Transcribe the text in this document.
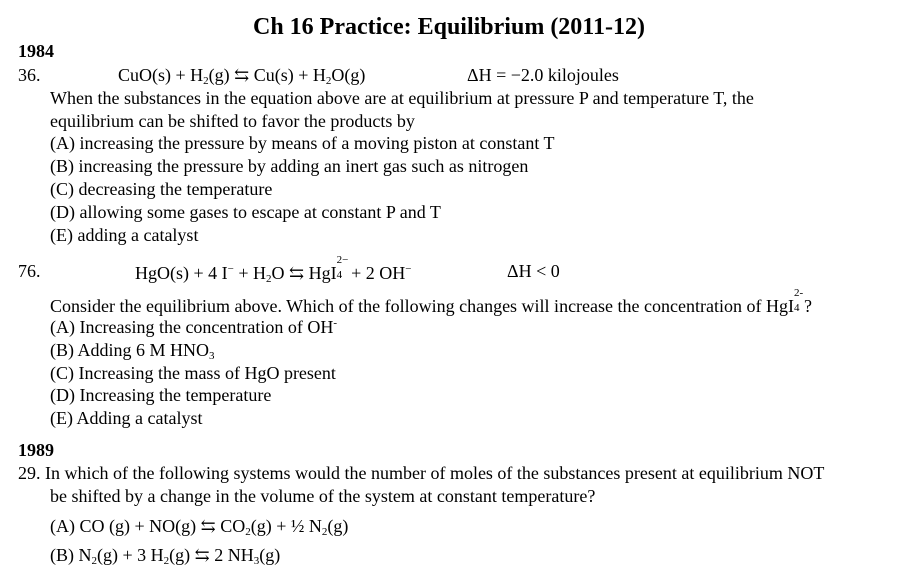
Ch 16 Practice: Equilibrium (2011-12)
1984
36.	$CuO(s) + H_2(g)$ ⇆ $Cu(s) + H_2O(g)$	ΔH = −2.0 kilojoules
When the substances in the equation above are at equilibrium at pressure P and temperature T, the
equilibrium can be shifted to favor the products by
(A) increasing the pressure by means of a moving piston at constant T
(B) increasing the pressure by adding an inert gas such as nitrogen
(C) decreasing the temperature
(D) allowing some gases to escape at constant P and T
(E) adding a catalyst
76.	HgO(s) + 4 $I^- + H_2O$ ⇆ HgI
2−
4 + 2 OH−	ΔH < 0
Consider the equilibrium above. Which of the following changes will increase the concentration of HgI
2-
4 ?
(A) Increasing the concentration of OH-
(B) Adding 6 M $HNO_3$
(C) Increasing the mass of HgO present
(D) Increasing the temperature
(E) Adding a catalyst
1989
29. In which of the following systems would the number of moles of the substances present at equilibrium NOT
be shifted by a change in the volume of the system at constant temperature?
(A) CO (g) + NO(g) ⇆ $CO_2(g)$ + ½ $N_2(g)$
(B) $N_2(g) + 3$ $H_2(g)$ ⇆ 2 $NH_3(g)$
